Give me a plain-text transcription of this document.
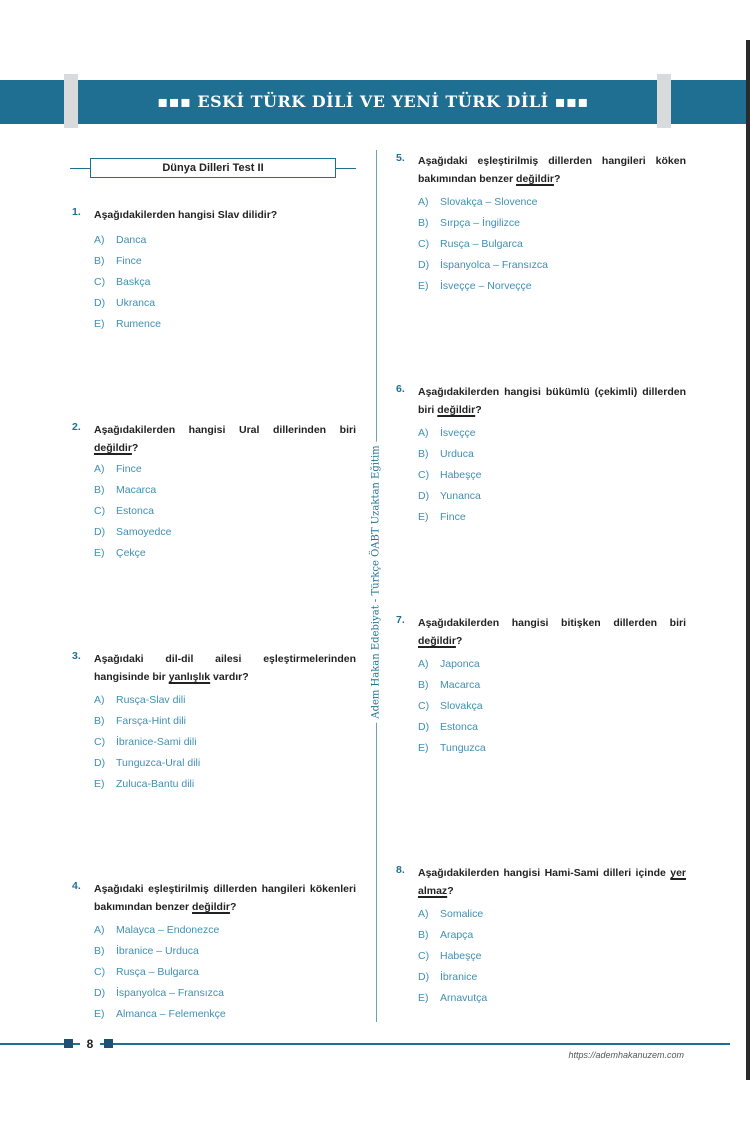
▪▪▪ ESKİ TÜRK DİLİ VE YENİ TÜRK DİLİ ▪▪▪
Dünya Dilleri Test II
Adem Hakan Edebiyat - Türkçe ÖABT Uzaktan Eğitim
1. Aşağıdakilerden hangisi Slav dilidir?
A) Danca
B) Fince
C) Baskça
D) Ukranca
E) Rumence
2. Aşağıdakilerden hangisi Ural dillerinden biri değildir?
A) Fince
B) Macarca
C) Estonca
D) Samoyedce
E) Çekçe
3. Aşağıdaki dil-dil ailesi eşleştirmelerinden hangisinde bir yanlışlık vardır?
A) Rusça-Slav dili
B) Farsça-Hint dili
C) İbranice-Sami dili
D) Tunguzca-Ural dili
E) Zuluca-Bantu dili
4. Aşağıdaki eşleştirilmiş dillerden hangileri kökenleri bakımından benzer değildir?
A) Malayca – Endonezce
B) İbranice – Urduca
C) Rusça – Bulgarca
D) İspanyolca – Fransızca
E) Almanca – Felemenkçe
5. Aşağıdaki eşleştirilmiş dillerden hangileri köken bakımından benzer değildir?
A) Slovakça – Slovence
B) Sırpça – İngilizce
C) Rusça – Bulgarca
D) İspanyolca – Fransızca
E) İsveççe – Norveççe
6. Aşağıdakilerden hangisi bükümlü (çekimli) dillerden biri değildir?
A) İsveççe
B) Urduca
C) Habeşçe
D) Yunanca
E) Fince
7. Aşağıdakilerden hangisi bitişken dillerden biri değildir?
A) Japonca
B) Macarca
C) Slovakça
D) Estonca
E) Tunguzca
8. Aşağıdakilerden hangisi Hami-Sami dilleri içinde yer almaz?
A) Somalice
B) Arapça
C) Habeşçe
D) İbranice
E) Arnavutça
8
https://ademhakanuzem.com
